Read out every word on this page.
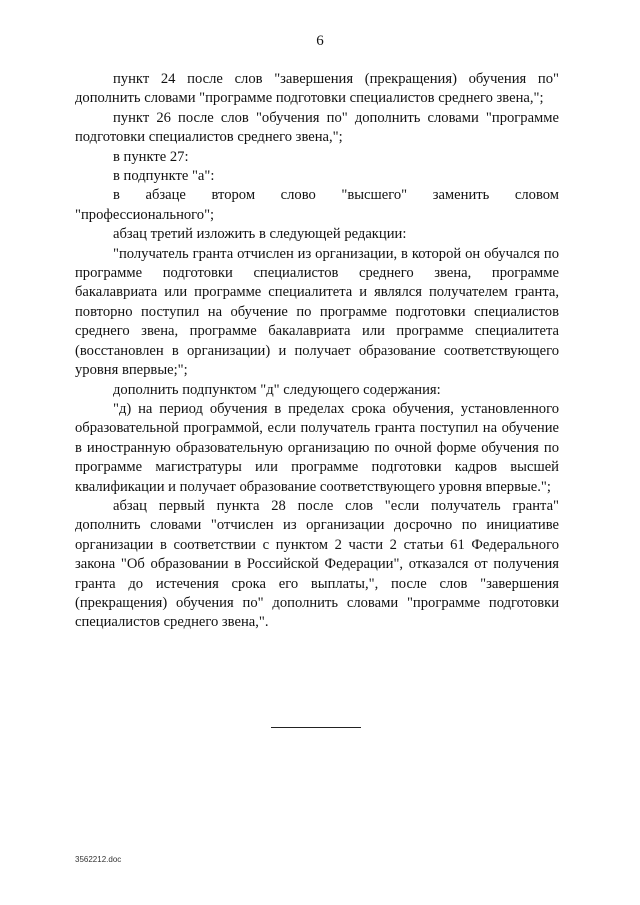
6

пункт 24 после слов "завершения (прекращения) обучения по" дополнить словами "программе подготовки специалистов среднего звена,";

пункт 26 после слов "обучения по" дополнить словами "программе подготовки специалистов среднего звена,";

в пункте 27:

в подпункте "а":

в абзаце втором слово "высшего" заменить словом "профессионального";

абзац третий изложить в следующей редакции:

"получатель гранта отчислен из организации, в которой он обучался по программе подготовки специалистов среднего звена, программе бакалавриата или программе специалитета и являлся получателем гранта, повторно поступил на обучение по программе подготовки специалистов среднего звена, программе бакалавриата или программе специалитета (восстановлен в организации) и получает образование соответствующего уровня впервые;";

дополнить подпунктом "д" следующего содержания:

"д) на период обучения в пределах срока обучения, установленного образовательной программой, если получатель гранта поступил на обучение в иностранную образовательную организацию по очной форме обучения по программе магистратуры или программе подготовки кадров высшей квалификации и получает образование соответствующего уровня впервые.";

абзац первый пункта 28 после слов "если получатель гранта" дополнить словами "отчислен из организации досрочно по инициативе организации в соответствии с пунктом 2 части 2 статьи 61 Федерального закона "Об образовании в Российской Федерации", отказался от получения гранта до истечения срока его выплаты,", после слов "завершения (прекращения) обучения по" дополнить словами "программе подготовки специалистов среднего звена,".

3562212.doc
